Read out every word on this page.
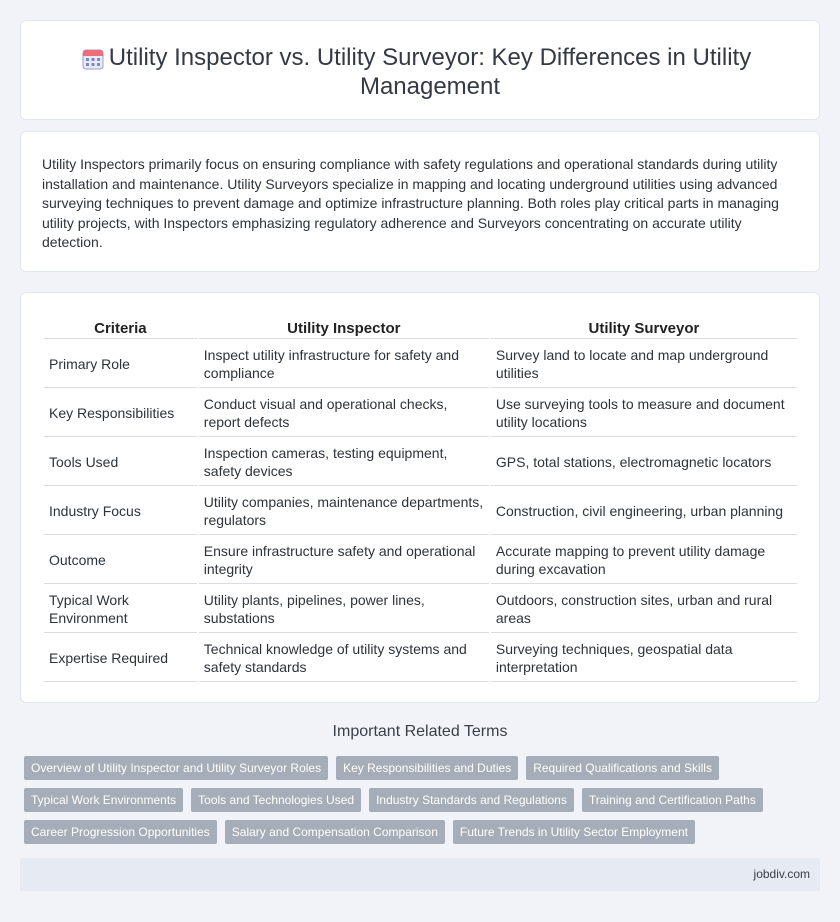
Utility Inspector vs. Utility Surveyor: Key Differences in Utility Management

Utility Inspectors primarily focus on ensuring compliance with safety regulations and operational standards during utility installation and maintenance. Utility Surveyors specialize in mapping and locating underground utilities using advanced surveying techniques to prevent damage and optimize infrastructure planning. Both roles play critical parts in managing utility projects, with Inspectors emphasizing regulatory adherence and Surveyors concentrating on accurate utility detection.

Criteria	Utility Inspector	Utility Surveyor
Primary Role	Inspect utility infrastructure for safety and compliance	Survey land to locate and map underground utilities
Key Responsibilities	Conduct visual and operational checks, report defects	Use surveying tools to measure and document utility locations
Tools Used	Inspection cameras, testing equipment, safety devices	GPS, total stations, electromagnetic locators
Industry Focus	Utility companies, maintenance departments, regulators	Construction, civil engineering, urban planning
Outcome	Ensure infrastructure safety and operational integrity	Accurate mapping to prevent utility damage during excavation
Typical Work Environment	Utility plants, pipelines, power lines, substations	Outdoors, construction sites, urban and rural areas
Expertise Required	Technical knowledge of utility systems and safety standards	Surveying techniques, geospatial data interpretation
Important Related Terms
Overview of Utility Inspector and Utility Surveyor Roles	Key Responsibilities and Duties	Required Qualifications and Skills
Typical Work Environments	Tools and Technologies Used	Industry Standards and Regulations	Training and Certification Paths
Career Progression Opportunities	Salary and Compensation Comparison	Future Trends in Utility Sector Employment
jobdiv.com
